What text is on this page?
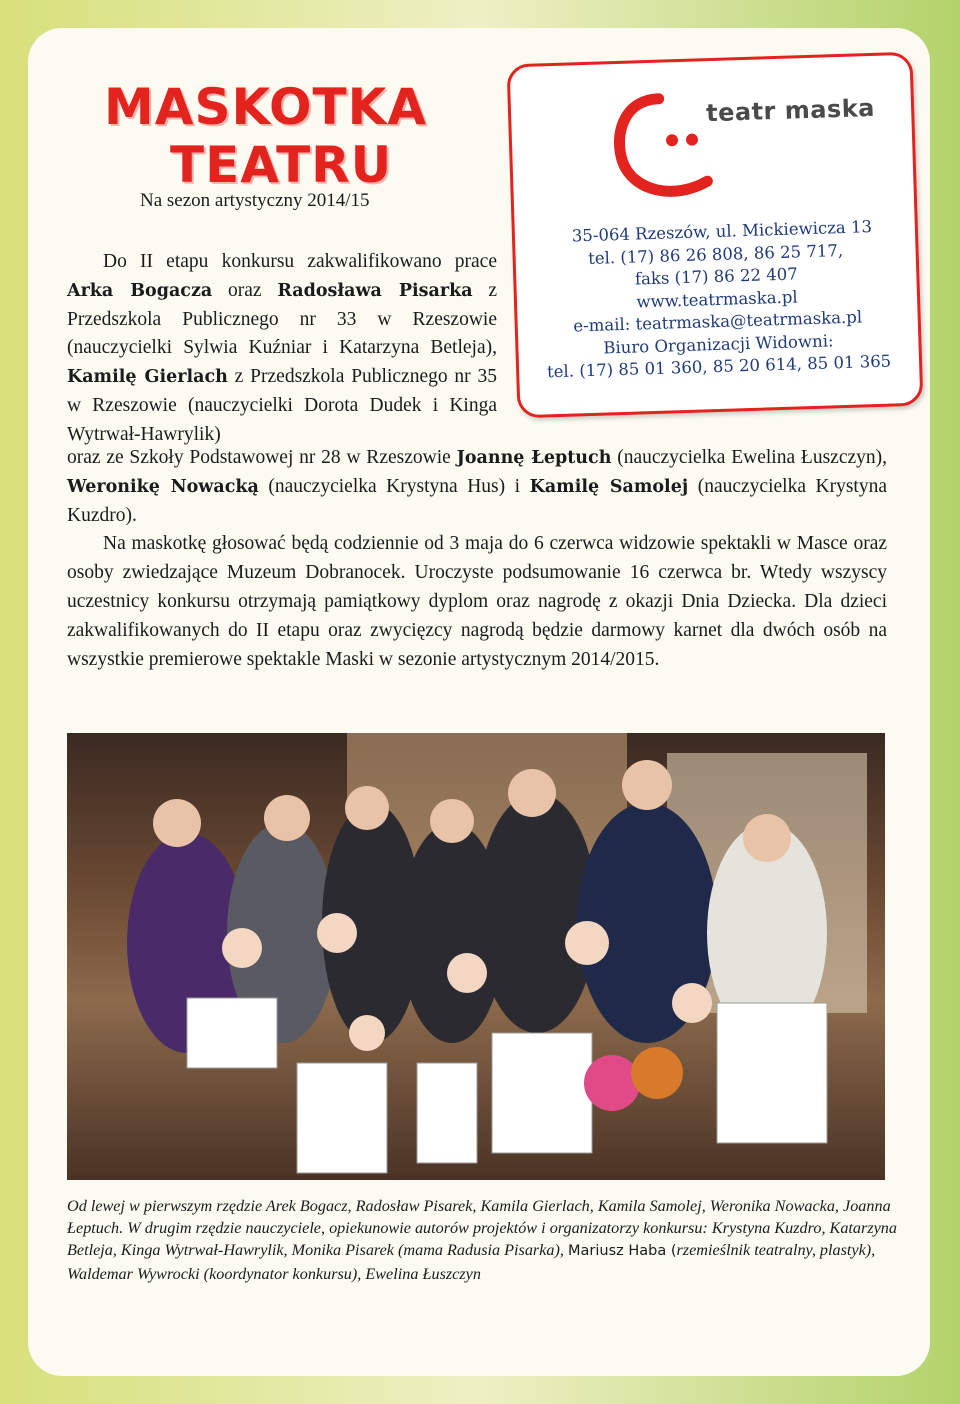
MASKOTKA
TEATRU
Na sezon artystyczny 2014/15
teatr maska
35-064 Rzeszów, ul. Mickiewicza 13
tel. (17) 86 26 808, 86 25 717,
faks (17) 86 22 407
www.teatrmaska.pl
e-mail: teatrmaska@teatrmaska.pl
Biuro Organizacji Widowni:
tel. (17) 85 01 360, 85 20 614, 85 01 365

Do II etapu konkursu zakwalifikowano prace Arka Bogacza oraz Radosława Pisarka z Przedszkola Publicznego nr 33 w Rzeszowie (nauczycielki Sylwia Kuźniar i Katarzyna Betleja), Kamilę Gierlach z Przedszkola Publicznego nr 35 w Rzeszowie (nauczycielki Dorota Dudek i Kinga Wytrwał-Hawrylik)

oraz ze Szkoły Podstawowej nr 28 w Rzeszowie Joannę Łeptuch (nauczycielka Ewelina Łuszczyn), Weronikę Nowacką (nauczycielka Krystyna Hus) i Kamilę Samolej (nauczycielka Krystyna Kuzdro).

Na maskotkę głosować będą codziennie od 3 maja do 6 czerwca widzowie spektakli w Masce oraz osoby zwiedzające Muzeum Dobranocek. Uroczyste podsumowanie 16 czerwca br. Wtedy wszyscy uczestnicy konkursu otrzymają pamiątkowy dyplom oraz nagrodę z okazji Dnia Dziecka. Dla dzieci zakwalifikowanych do II etapu oraz zwycięzcy nagrodą będzie darmowy karnet dla dwóch osób na wszystkie premierowe spektakle Maski w sezonie artystycznym 2014/2015.

Od lewej w pierwszym rzędzie Arek Bogacz, Radosław Pisarek, Kamila Gierlach, Kamila Samolej, Weronika Nowacka, Joanna Łeptuch. W drugim rzędzie nauczyciele, opiekunowie autorów projektów i organizatorzy konkursu: Krystyna Kuzdro, Katarzyna Betleja, Kinga Wytrwał-Hawrylik, Monika Pisarek (mama Radusia Pisarka), Mariusz Haba (rzemieślnik teatralny, plastyk), Waldemar Wywrocki (koordynator konkursu), Ewelina Łuszczyn
